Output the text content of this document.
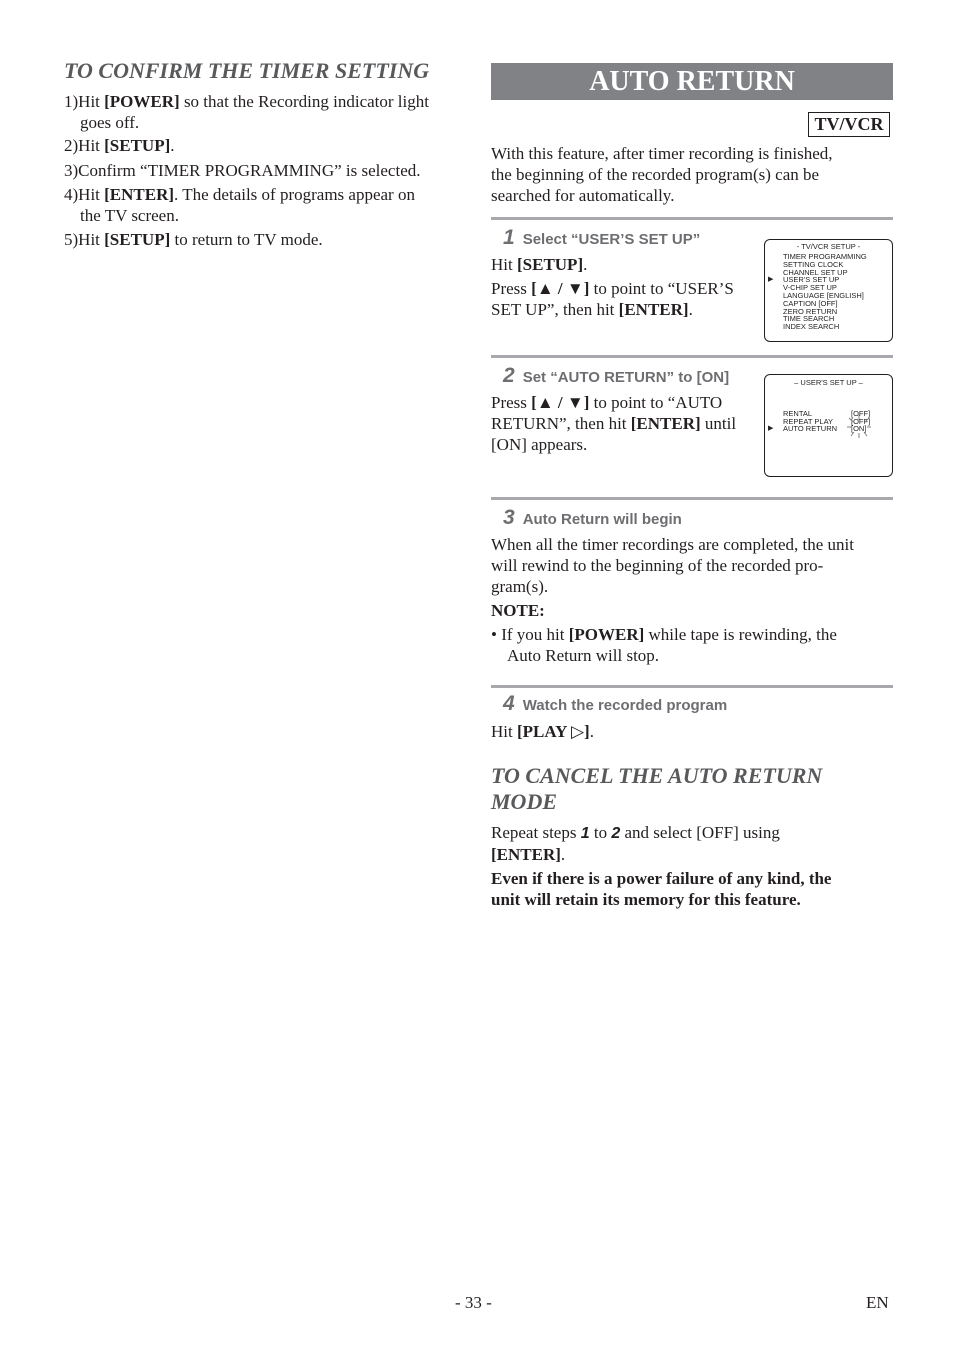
TO CONFIRM THE TIMER SETTING
1)Hit [POWER] so that the Recording indicator light
goes off.
2)Hit [SETUP].
3)Confirm “TIMER PROGRAMMING” is selected.
4)Hit [ENTER]. The details of programs appear on
the TV screen.
5)Hit [SETUP] to return to TV mode.
AUTO RETURN
TV/VCR
With this feature, after timer recording is finished,
the beginning of the recorded program(s) can be
searched for automatically.
1 Select “USER’S SET UP”
Hit [SETUP].
Press [▲ / ▼] to point to “USER’S
SET UP”, then hit [ENTER].
- TV/VCR SETUP -
▶
TIMER PROGRAMMING
SETTING CLOCK
CHANNEL SET UP
USER'S SET UP
V-CHIP SET UP
LANGUAGE [ENGLISH]
CAPTION [OFF]
ZERO RETURN
TIME SEARCH
INDEX SEARCH
2 Set “AUTO RETURN” to [ON]
Press [▲ / ▼] to point to “AUTO
RETURN”, then hit [ENTER] until
[ON] appears.
– USER'S SET UP –
▶
RENTAL	[OFF]
REPEAT PLAY [OFF]
AUTO RETURN [ON]
3 Auto Return will begin
When all the timer recordings are completed, the unit
will rewind to the beginning of the recorded pro-
gram(s).
NOTE:
• If you hit [POWER] while tape is rewinding, the
Auto Return will stop.
4 Watch the recorded program
Hit [PLAY ▷].
TO CANCEL THE AUTO RETURN
MODE
Repeat steps 1 to 2 and select [OFF] using
[ENTER].
Even if there is a power failure of any kind, the
unit will retain its memory for this feature.
- 33 -	EN
